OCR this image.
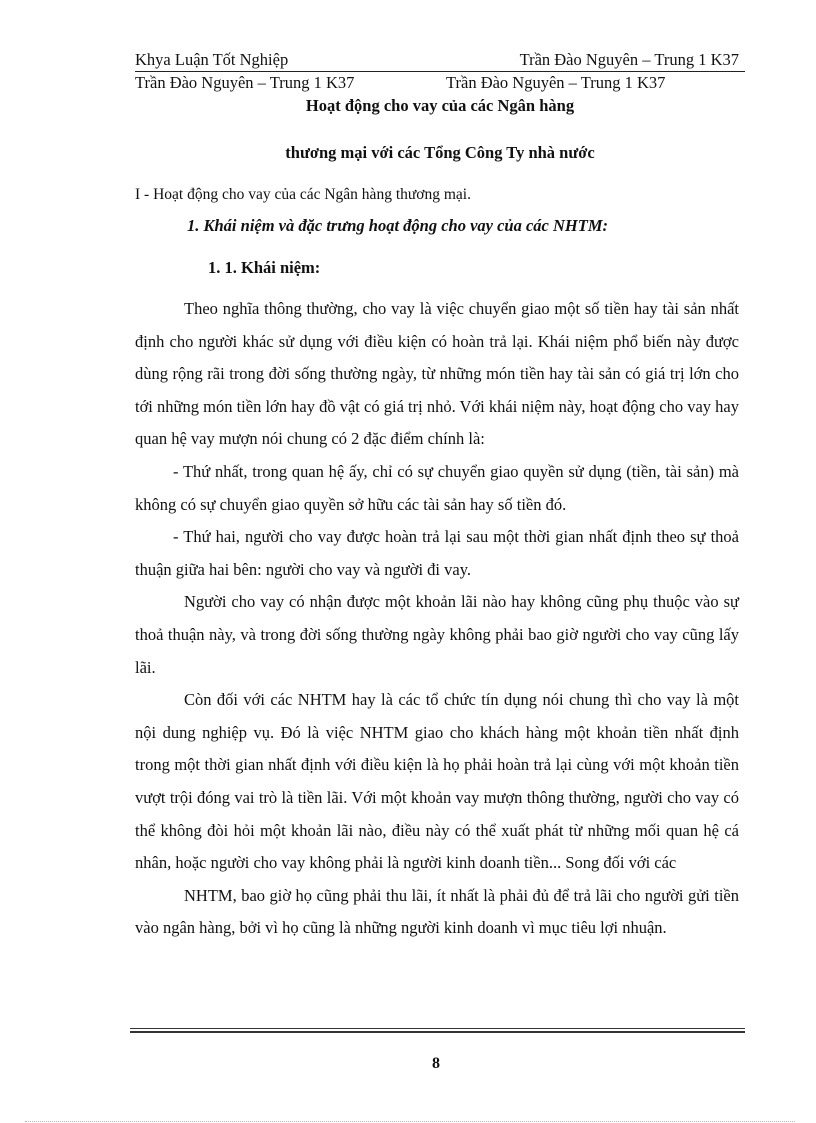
Khya Luận Tốt Nghiệp	Trần Đào Nguyên – Trung 1 K37
Trần Đào Nguyên – Trung 1 K37	Trần Đào Nguyên – Trung 1 K37
Hoạt động cho vay của các Ngân hàng
thương mại với các Tổng Công Ty nhà nước
I - Hoạt động cho vay của các Ngân hàng thương mại.
1. Khái niệm và đặc trưng hoạt động cho vay của các NHTM:
1. 1. Khái niệm:

Theo nghĩa thông thường, cho vay là việc chuyển giao một số tiền hay tài sản nhất định cho người khác sử dụng với điều kiện có hoàn trả lại. Khái niệm phổ biến này được dùng rộng rãi trong đời sống thường ngày, từ những món tiền hay tài sản có giá trị lớn cho tới những món tiền lớn hay đồ vật có giá trị nhỏ. Với khái niệm này, hoạt động cho vay hay quan hệ vay mượn nói chung có 2 đặc điểm chính là:

- Thứ nhất, trong quan hệ ấy, chỉ có sự chuyển giao quyền sử dụng (tiền, tài sản) mà không có sự chuyển giao quyền sở hữu các tài sản hay số tiền đó.

- Thứ hai, người cho vay được hoàn trả lại sau một thời gian nhất định theo sự thoả thuận giữa hai bên: người cho vay và người đi vay.

Người cho vay có nhận được một khoản lãi nào hay không cũng phụ thuộc vào sự thoả thuận này, và trong đời sống thường ngày không phải bao giờ người cho vay cũng lấy lãi.

Còn đối với các NHTM hay là các tổ chức tín dụng nói chung thì cho vay là một nội dung nghiệp vụ. Đó là việc NHTM giao cho khách hàng một khoản tiền nhất định trong một thời gian nhất định với điều kiện là họ phải hoàn trả lại cùng với một khoản tiền vượt trội đóng vai trò là tiền lãi. Với một khoản vay mượn thông thường, người cho vay có thể không đòi hỏi một khoản lãi nào, điều này có thể xuất phát từ những mối quan hệ cá nhân, hoặc người cho vay không phải là người kinh doanh tiền... Song đối với các

NHTM, bao giờ họ cũng phải thu lãi, ít nhất là phải đủ để trả lãi cho người gửi tiền vào ngân hàng, bởi vì họ cũng là những người kinh doanh vì mục tiêu lợi nhuận.

8
